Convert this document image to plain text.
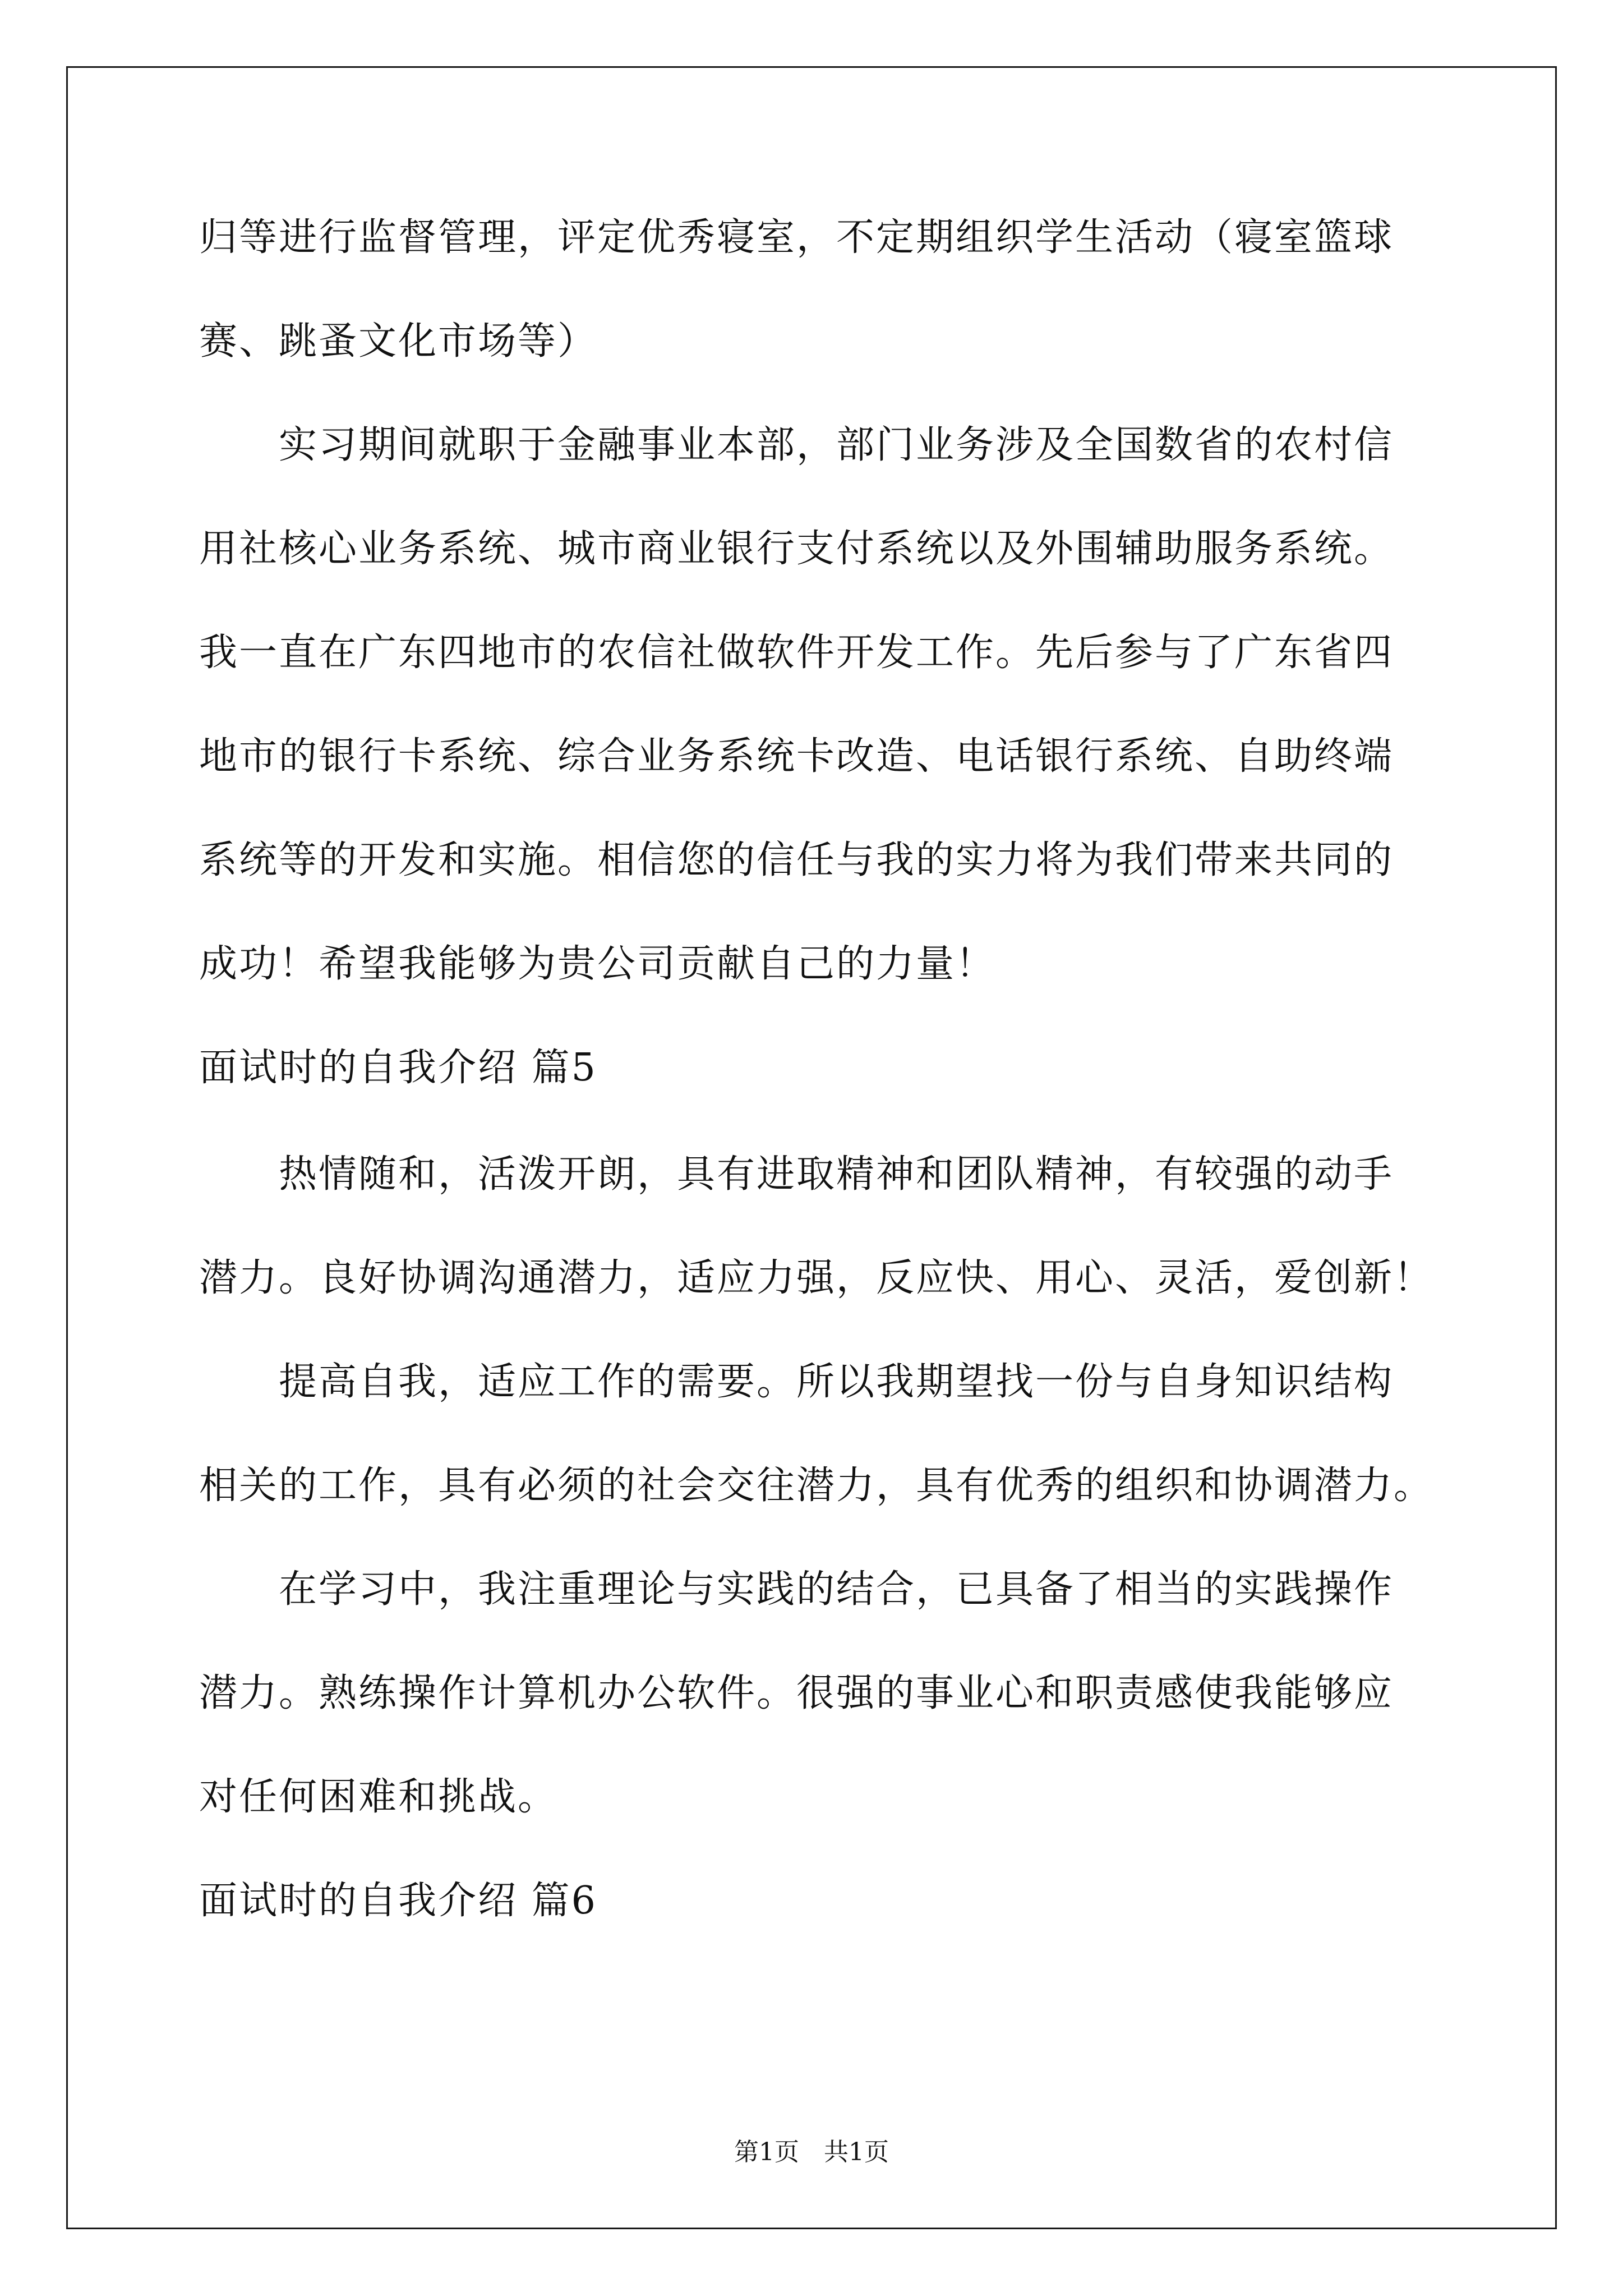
归等进行监督管理，评定优秀寝室，不定期组织学生活动（寝室篮球
赛、跳蚤文化市场等）
实习期间就职于金融事业本部，部门业务涉及全国数省的农村信
用社核心业务系统、城市商业银行支付系统以及外围辅助服务系统。
我一直在广东四地市的农信社做软件开发工作。先后参与了广东省四
地市的银行卡系统、综合业务系统卡改造、电话银行系统、自助终端
系统等的开发和实施。相信您的信任与我的实力将为我们带来共同的
成功！希望我能够为贵公司贡献自己的力量！
面试时的自我介绍 篇5
热情随和，活泼开朗，具有进取精神和团队精神，有较强的动手
潜力。良好协调沟通潜力，适应力强，反应快、用心、灵活，爱创新！
提高自我，适应工作的需要。所以我期望找一份与自身知识结构
相关的工作，具有必须的社会交往潜力，具有优秀的组织和协调潜力。
在学习中，我注重理论与实践的结合，已具备了相当的实践操作
潜力。熟练操作计算机办公软件。很强的事业心和职责感使我能够应
对任何困难和挑战。
面试时的自我介绍 篇6
第1页　共1页
